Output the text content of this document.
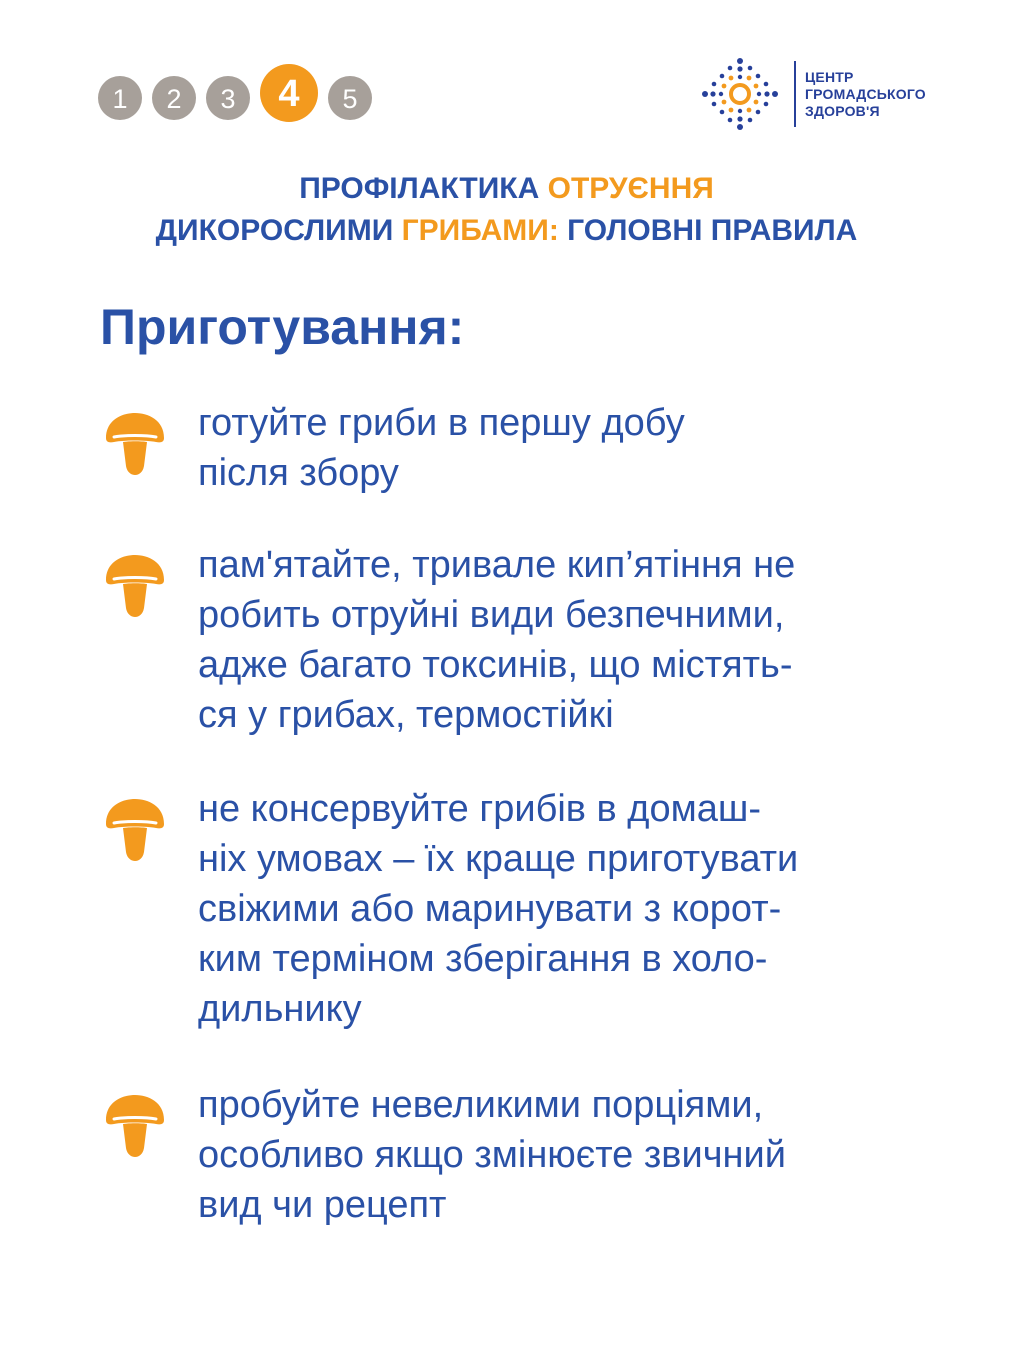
1	2	3	4	5
ЦЕНТР
ГРОМАДСЬКОГО
ЗДОРОВ'Я
ПРОФІЛАКТИКА ОТРУЄННЯ
ДИКОРОСЛИМИ ГРИБАМИ: ГОЛОВНІ ПРАВИЛА
Приготування:
готуйте гриби в першу добу
після збору
пам'ятайте, тривале кип’ятіння не
робить отруйні види безпечними,
адже багато токсинів, що містять-
ся у грибах, термостійкі
не консервуйте грибів в домаш-
ніх умовах – їх краще приготувати
свіжими або маринувати з корот-
ким терміном зберігання в холо-
дильнику
пробуйте невеликими порціями,
особливо якщо змінюєте звичний
вид чи рецепт
